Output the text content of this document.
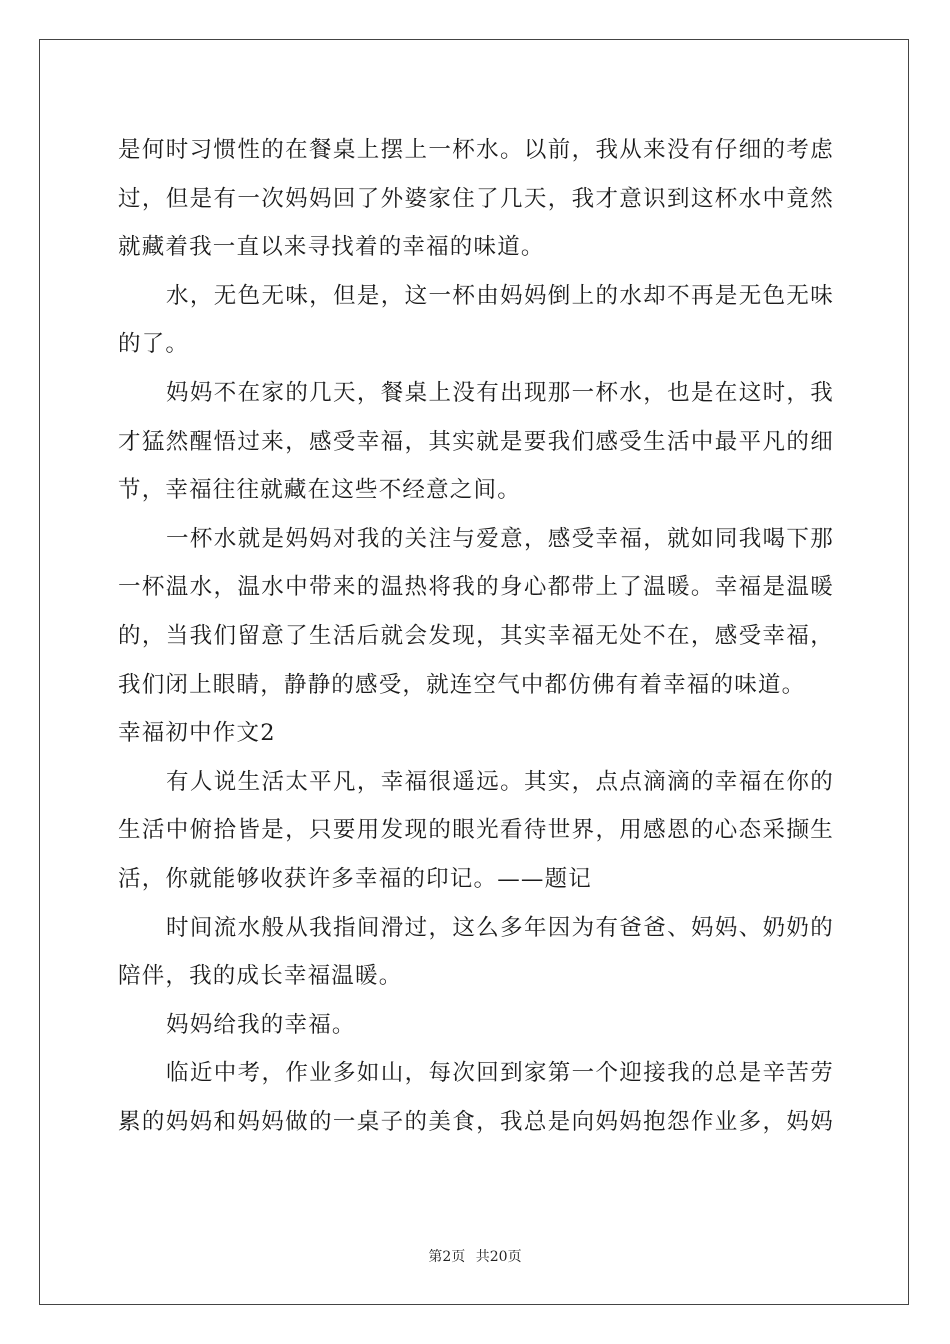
是何时习惯性的在餐桌上摆上一杯水。以前，我从来没有仔细的考虑
过，但是有一次妈妈回了外婆家住了几天，我才意识到这杯水中竟然
就藏着我一直以来寻找着的幸福的味道。
水，无色无味，但是，这一杯由妈妈倒上的水却不再是无色无味
的了。
妈妈不在家的几天，餐桌上没有出现那一杯水，也是在这时，我
才猛然醒悟过来，感受幸福，其实就是要我们感受生活中最平凡的细
节，幸福往往就藏在这些不经意之间。
一杯水就是妈妈对我的关注与爱意，感受幸福，就如同我喝下那
一杯温水，温水中带来的温热将我的身心都带上了温暖。幸福是温暖
的，当我们留意了生活后就会发现，其实幸福无处不在，感受幸福，
我们闭上眼睛，静静的感受，就连空气中都仿佛有着幸福的味道。
幸福初中作文2
有人说生活太平凡，幸福很遥远。其实，点点滴滴的幸福在你的
生活中俯拾皆是，只要用发现的眼光看待世界，用感恩的心态采撷生
活，你就能够收获许多幸福的印记。——题记
时间流水般从我指间滑过，这么多年因为有爸爸、妈妈、奶奶的
陪伴，我的成长幸福温暖。
妈妈给我的幸福。
临近中考，作业多如山，每次回到家第一个迎接我的总是辛苦劳
累的妈妈和妈妈做的一桌子的美食，我总是向妈妈抱怨作业多，妈妈
第2页 共20页
